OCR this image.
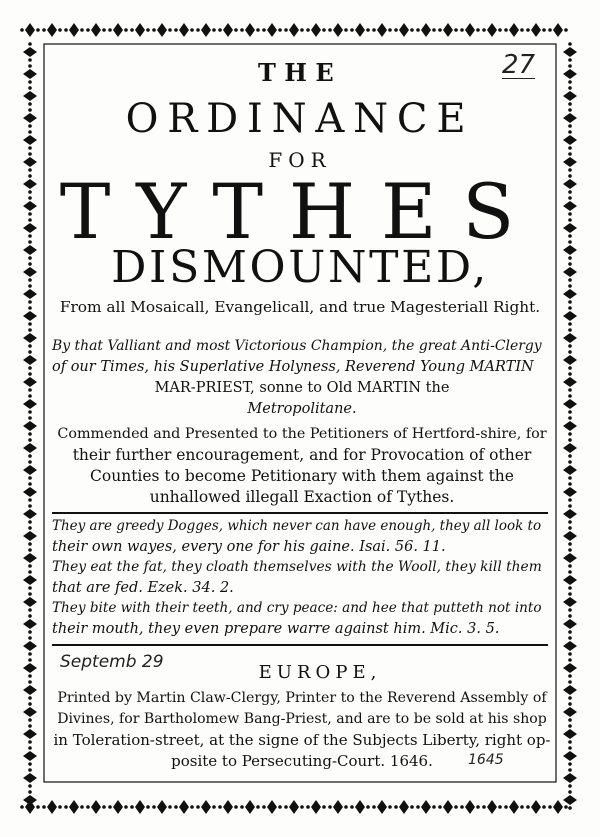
27
THE
ORDINANCE
FOR
TYTHES
DISMOUNTED,
From all Mosaicall, Evangelicall, and true Magesteriall Right.
By that Valliant and most Victorious Champion, the great Anti-Clergy
of our Times, his Superlative Holyness, Reverend Young MARTIN
MAR-PRIEST, sonne to Old MARTIN the
Metropolitane.
Commended and Presented to the Petitioners of Hertford-shire, for
their further encouragement, and for Provocation of other
Counties to become Petitionary with them against the
unhallowed illegall Exaction of Tythes.
They are greedy Dogges, which never can have enough, they all look to
their own wayes, every one for his gaine. Isai. 56. 11.
They eat the fat, they cloath themselves with the Wooll, they kill them
that are fed. Ezek. 34. 2.
They bite with their teeth, and cry peace: and hee that putteth not into
their mouth, they even prepare warre against him. Mic. 3. 5.
Septemb 29	EUROPE,
Printed by Martin Claw-Clergy, Printer to the Reverend Assembly of
Divines, for Bartholomew Bang-Priest, and are to be sold at his shop
in Toleration-street, at the signe of the Subjects Liberty, right op-
posite to Persecuting-Court. 1646.	1645
